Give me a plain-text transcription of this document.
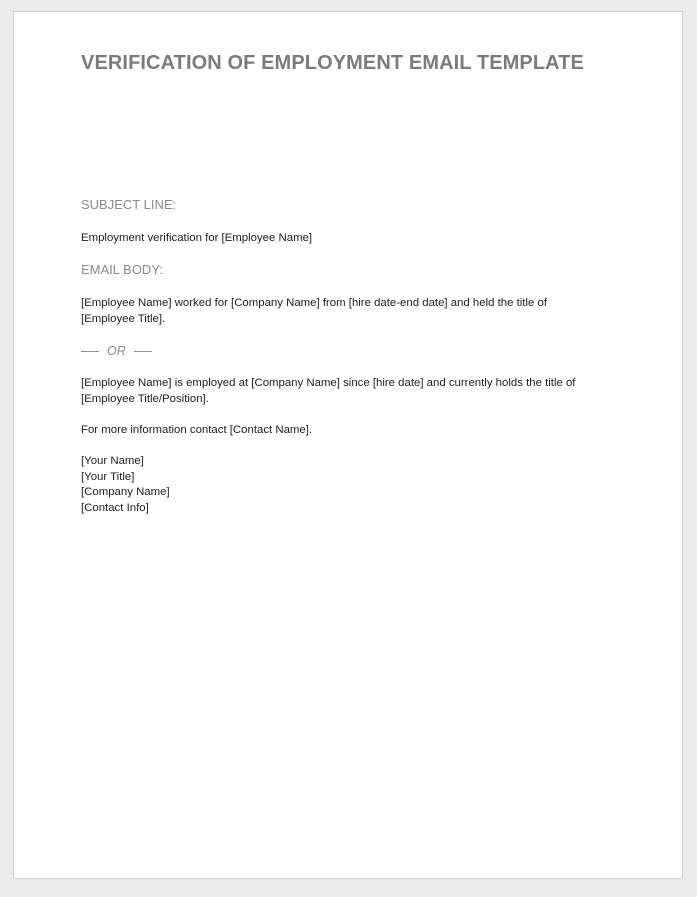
VERIFICATION OF EMPLOYMENT EMAIL TEMPLATE

SUBJECT LINE:

Employment verification for [Employee Name]

EMAIL BODY:

[Employee Name] worked for [Company Name] from [hire date-end date] and held the title of
[Employee Title].
OR
[Employee Name] is employed at [Company Name] since [hire date] and currently holds the title of
[Employee Title/Position].

For more information contact [Contact Name].

[Your Name]
[Your Title]
[Company Name]
[Contact Info]
